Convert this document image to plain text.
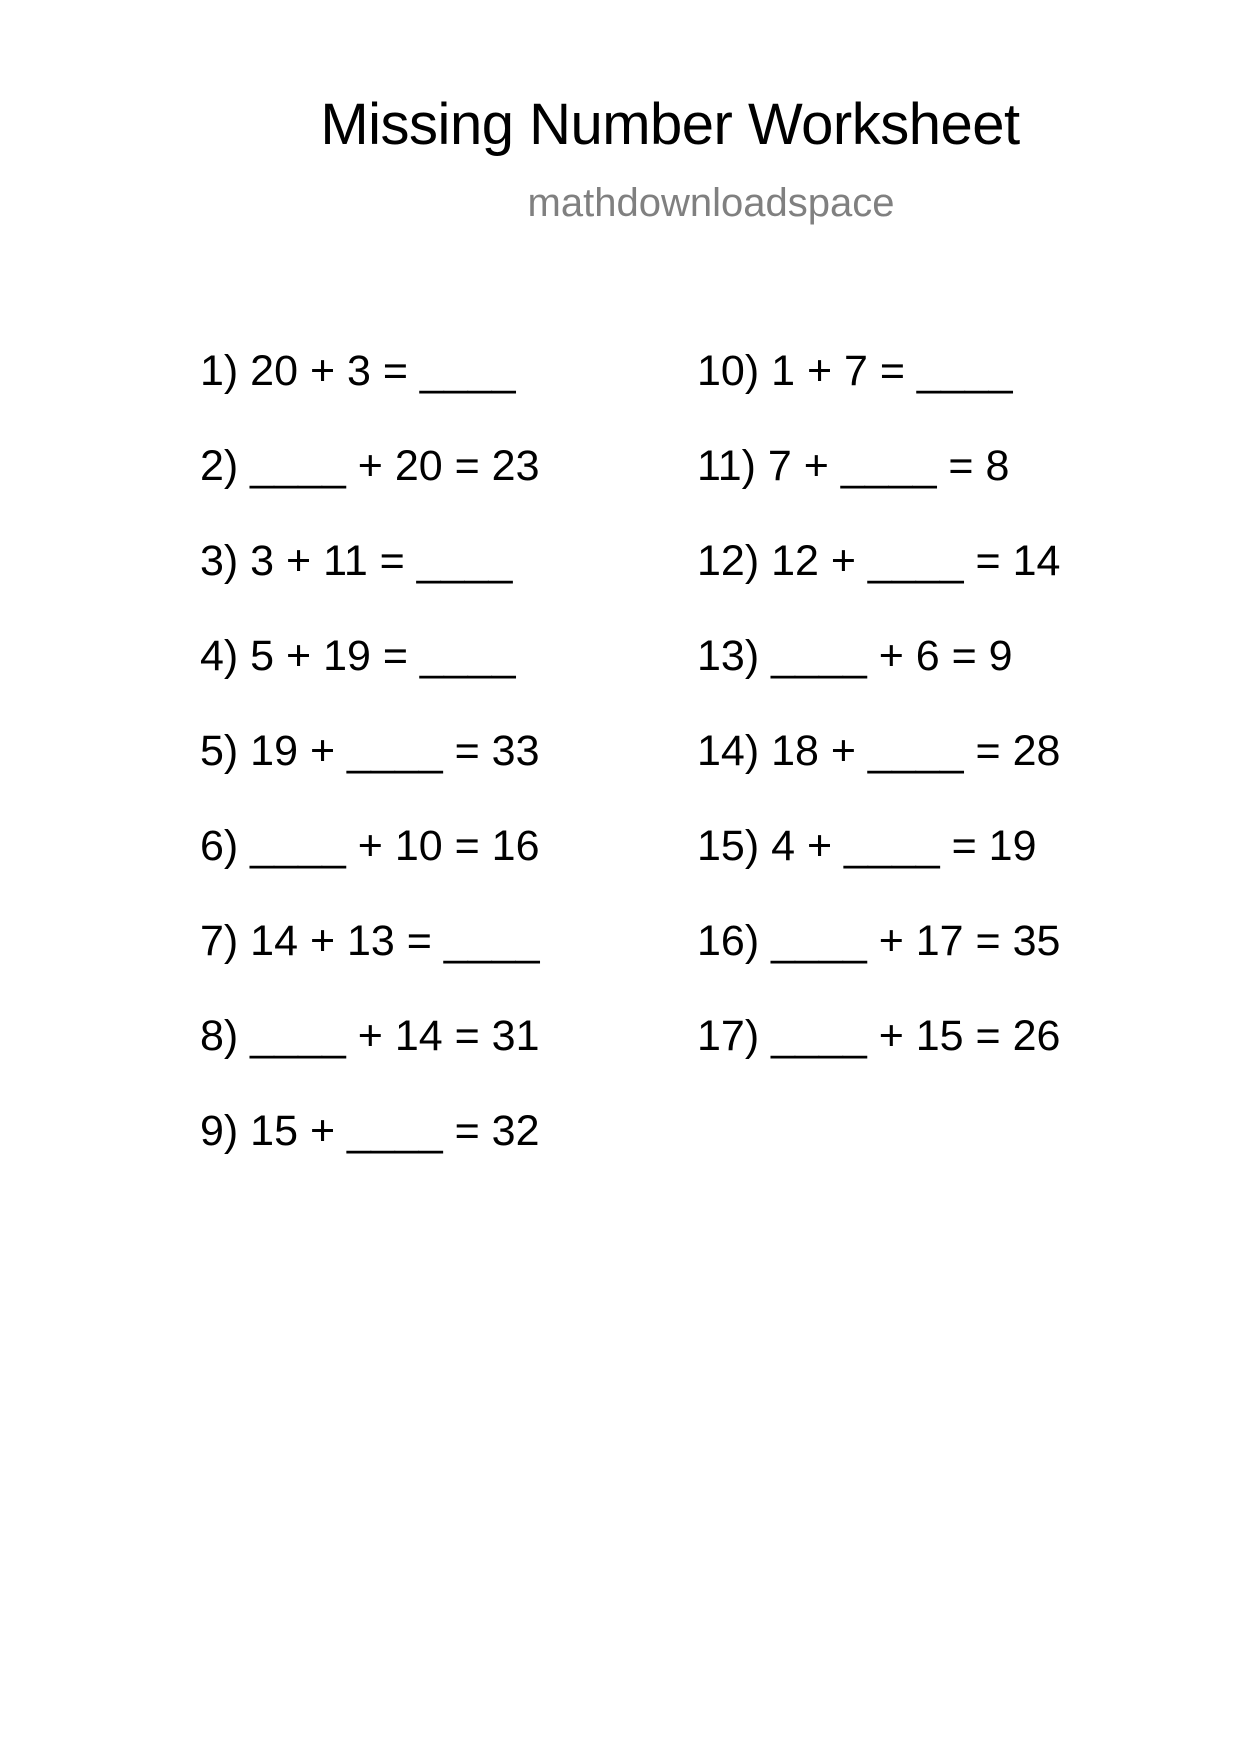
Missing Number Worksheet
mathdownloadspace
1) 20 + 3 = ____
2) ____ + 20 = 23
3) 3 + 11 = ____
4) 5 + 19 = ____
5) 19 + ____ = 33
6) ____ + 10 = 16
7) 14 + 13 = ____
8) ____ + 14 = 31
9) 15 + ____ = 32
10) 1 + 7 = ____
11) 7 + ____ = 8
12) 12 + ____ = 14
13) ____ + 6 = 9
14) 18 + ____ = 28
15) 4 + ____ = 19
16) ____ + 17 = 35
17) ____ + 15 = 26
